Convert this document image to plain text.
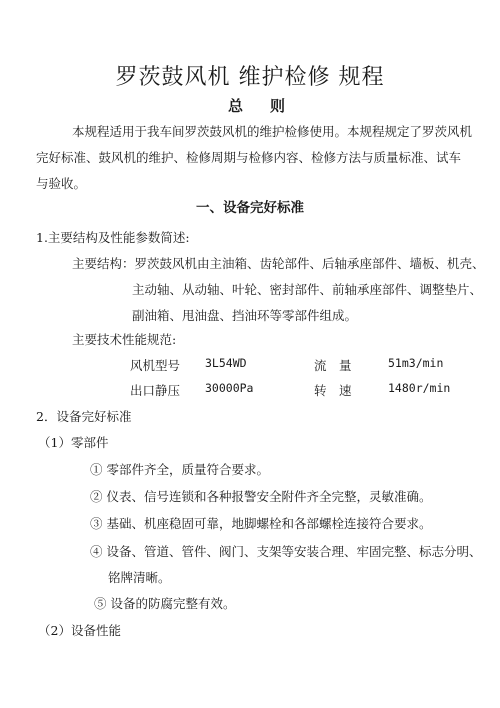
罗茨鼓风机 维护检修 规程
总 则
本规程适用于我车间罗茨鼓风机的维护检修使用。本规程规定了罗茨风机
完好标准、鼓风机的维护、检修周期与检修内容、检修方法与质量标准、试车
与验收。
一、设备完好标准
1.主要结构及性能参数简述:
主要结构：罗茨鼓风机由主油箱、齿轮部件、后轴承座部件、墙板、机壳、
主动轴、从动轴、叶轮、密封部件、前轴承座部件、调整垫片、
副油箱、甩油盘、挡油环等零部件组成。
主要技术性能规范:
风机型号 3L54WD	流　量	51m3/min
出口静压 30000Pa	转　速	1480r/min
2．设备完好标准
（1）零部件
① 零部件齐全，质量符合要求。
② 仪表、信号连锁和各种报警安全附件齐全完整，灵敏准确。
③ 基础、机座稳固可靠，地脚螺栓和各部螺栓连接符合要求。
④ 设备、管道、管件、阀门、支架等安装合理、牢固完整、标志分明、
铭牌清晰。
⑤ 设备的防腐完整有效。
（2）设备性能
